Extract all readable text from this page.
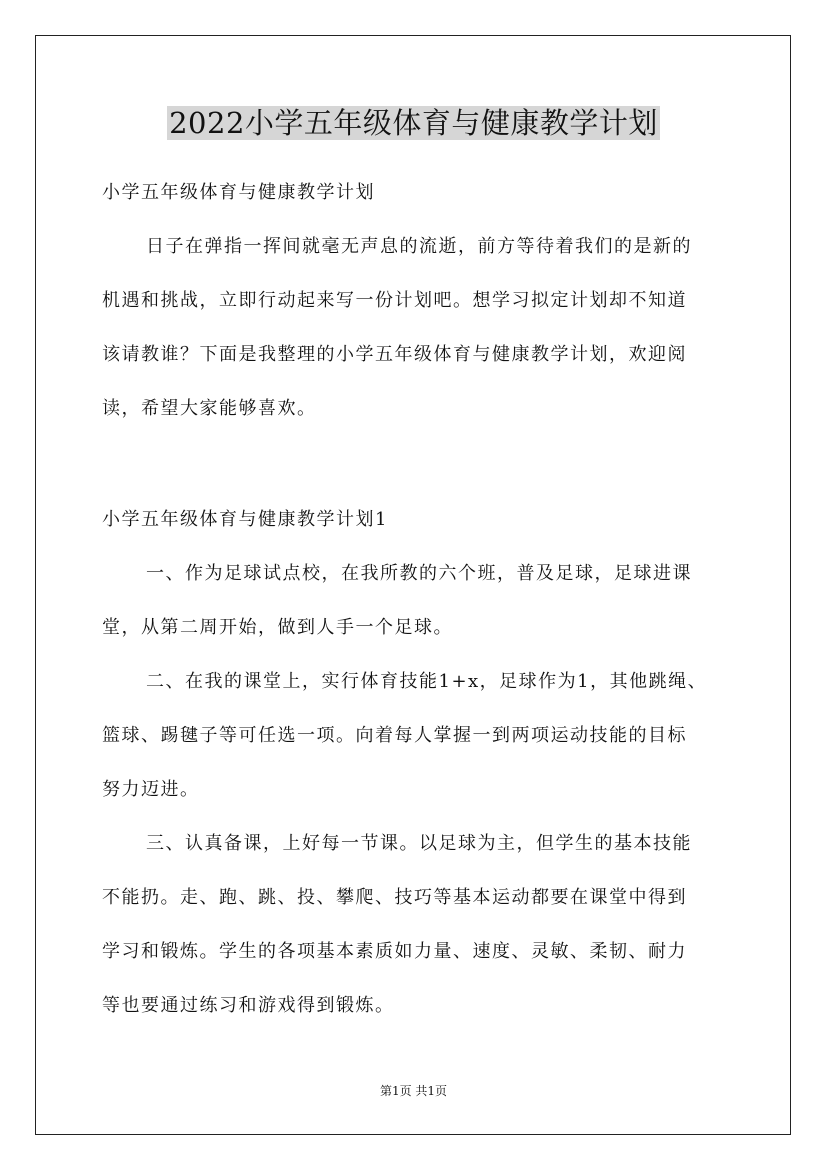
2022小学五年级体育与健康教学计划
小学五年级体育与健康教学计划
日子在弹指一挥间就毫无声息的流逝，前方等待着我们的是新的
机遇和挑战，立即行动起来写一份计划吧。想学习拟定计划却不知道
该请教谁？下面是我整理的小学五年级体育与健康教学计划，欢迎阅
读，希望大家能够喜欢。
小学五年级体育与健康教学计划1
一、作为足球试点校，在我所教的六个班，普及足球，足球进课
堂，从第二周开始，做到人手一个足球。
二、在我的课堂上，实行体育技能1+x，足球作为1，其他跳绳、
篮球、踢毽子等可任选一项。向着每人掌握一到两项运动技能的目标
努力迈进。
三、认真备课，上好每一节课。以足球为主，但学生的基本技能
不能扔。走、跑、跳、投、攀爬、技巧等基本运动都要在课堂中得到
学习和锻炼。学生的各项基本素质如力量、速度、灵敏、柔韧、耐力
等也要通过练习和游戏得到锻炼。
第1页 共1页
